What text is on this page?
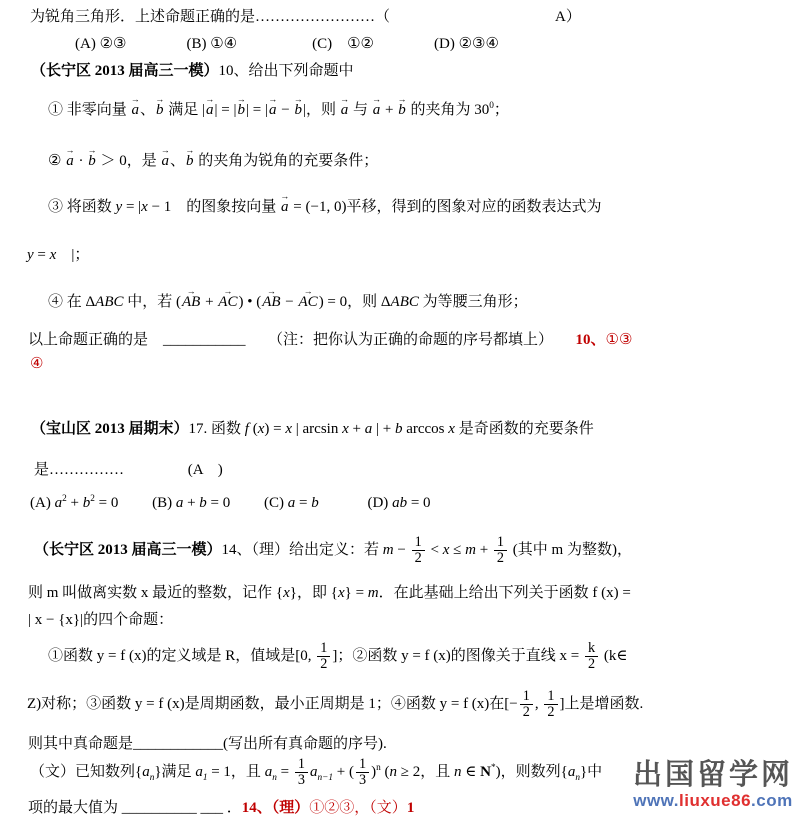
为锐角三角形．上述命题正确的是……………………（　　　　　　　　　　　A）
(A) ②③　　　　(B) ①④　　　　　(C)　①②　　　　(D) ②③④
（长宁区 2013 届高三一模）10、给出下列命题中
① 非零向量
→
a、
→
b 满足 |
→
a| = |
→
b| = |
→
a −
→
b|，则
→
a 与
→
a +
→
b 的夹角为 $30^0$；
②
→
a ·
→
b ＞ 0，是
→
a、
→
b 的夹角为锐角的充要条件；
③ 将函数 y = |x − 1　的图象按向量
→
a = (−1, 0)平移，得到的图象对应的函数表达式为
y = x　|；
④ 在 ΔABC 中，若 (
→
AB +
→
AC) • (
→
AB −
→
AC) = 0，则 ΔABC 为等腰三角形；
以上命题正确的是　___________　　（注：把你认为正确的命题的序号都填上）　　10、①③
④
（宝山区 2013 届期末）17. 函数 f (x) = x | arcsin x + a | + b arccos x 是奇函数的充要条件
是……………　　　　 (A　)
(A) $a^2 + b^2 = 0$　　 (B) a + b = 0　　 (C) a = b　　　 (D) ab = 0
（长宁区 2013 届高三一模）14、（理）给出定义：若 $m - \frac{1}{2} < x \le m + \frac{1}{2}$ (其中 m 为整数)，
则 m 叫做离实数 x 最近的整数，记作 {x}，即 {x} = m．在此基础上给出下列关于函数 f (x) =
| x − {x}|的四个命题：
①函数 y = f (x)的定义域是 R，值域是[0, $\frac{1}{2}$ ]；②函数 y = f (x)的图像关于直线 $x = \frac{k}{2}$ (k∈
Z)对称；③函数 y = f (x)是周期函数，最小正周期是 1；④函数 y = f (x)在[− $\frac{1}{2}$ , $\frac{1}{2}$ ]上是增函数.
则其中真命题是____________(写出所有真命题的序号).
（文）已知数列$\{a_n\}$满足 $a_1 = 1$，且 $a_n = \frac{1}{3} a_{n-1}$ + ( $\frac{1}{3} )^n$ (n ≥ 2，且 n ∈ N*)，则数列$\{a_n\}$中
项的最大值为 __________ ___ ．14、（理）①②③，（文）1
出国留学网
www.liuxue86.com
